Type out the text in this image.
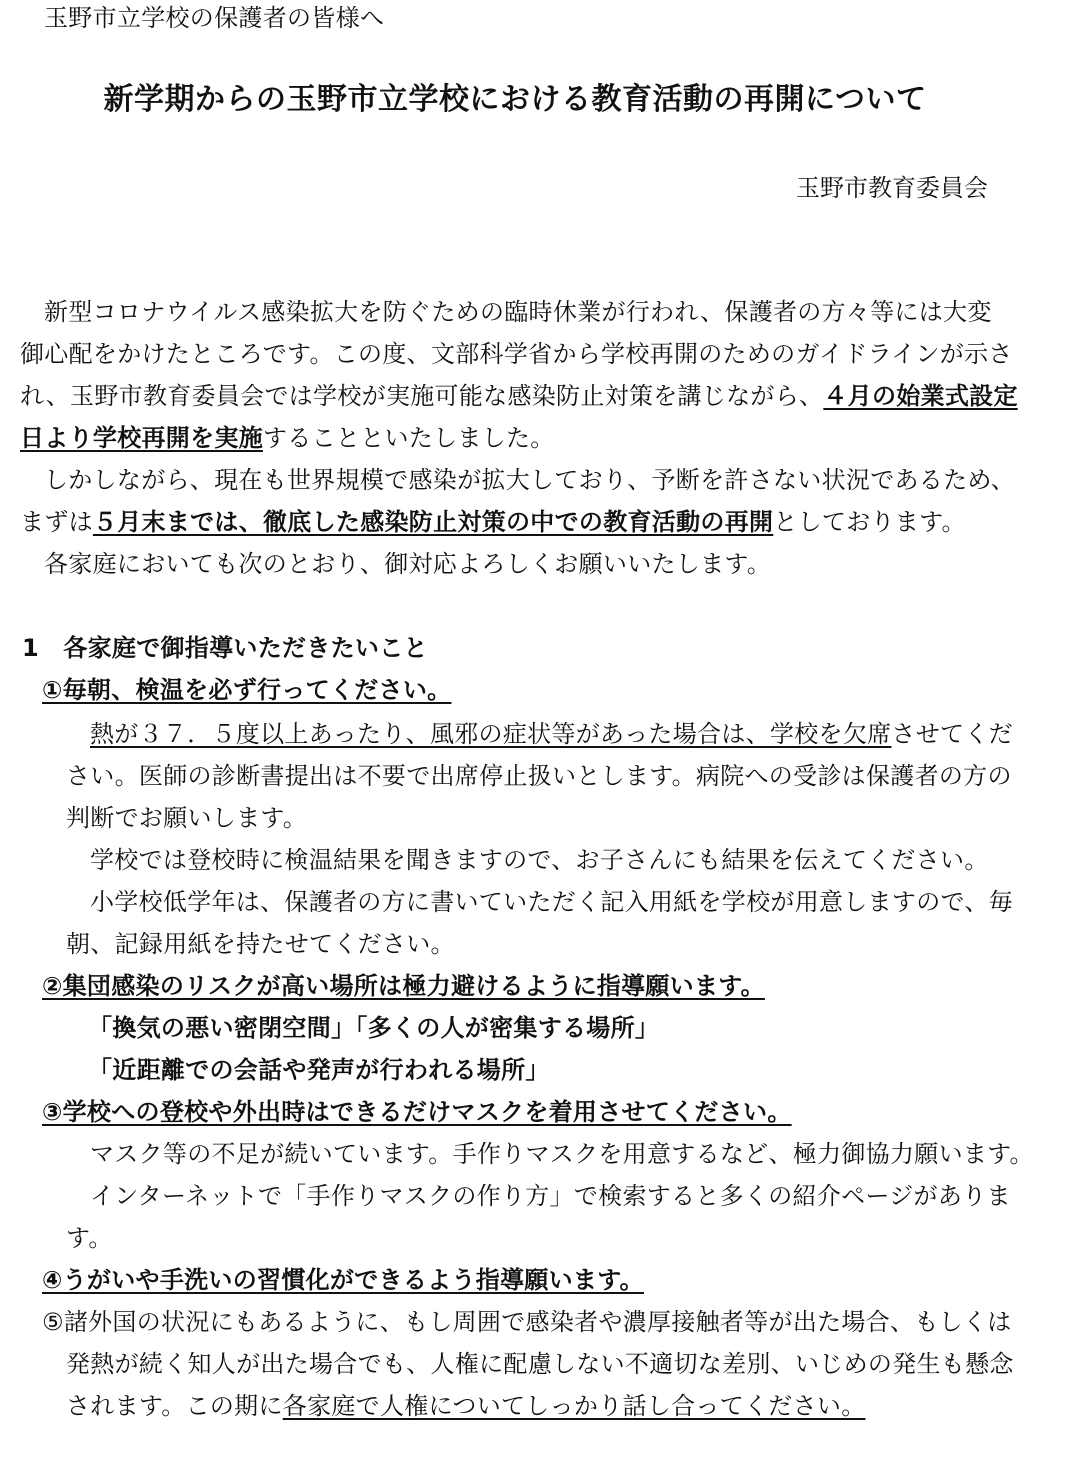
玉野市立学校の保護者の皆様へ
新学期からの玉野市立学校における教育活動の再開について
玉野市教育委員会
新型コロナウイルス感染拡大を防ぐための臨時休業が行われ、保護者の方々等には大変
御心配をかけたところです。この度、文部科学省から学校再開のためのガイドラインが示さ
れ、玉野市教育委員会では学校が実施可能な感染防止対策を講じながら、４月の始業式設定
日より学校再開を実施することといたしました。
しかしながら、現在も世界規模で感染が拡大しており、予断を許さない状況であるため、
まずは５月末までは、徹底した感染防止対策の中での教育活動の再開としております。
各家庭においても次のとおり、御対応よろしくお願いいたします。
1　各家庭で御指導いただきたいこと
①毎朝、検温を必ず行ってください。
熱が３７．５度以上あったり、風邪の症状等があった場合は、学校を欠席させてくだ
さい。医師の診断書提出は不要で出席停止扱いとします。病院への受診は保護者の方の
判断でお願いします。
学校では登校時に検温結果を聞きますので、お子さんにも結果を伝えてください。
小学校低学年は、保護者の方に書いていただく記入用紙を学校が用意しますので、毎
朝、記録用紙を持たせてください。
②集団感染のリスクが高い場所は極力避けるように指導願います。
「換気の悪い密閉空間」「多くの人が密集する場所」
「近距離での会話や発声が行われる場所」
③学校への登校や外出時はできるだけマスクを着用させてください。
マスク等の不足が続いています。手作りマスクを用意するなど、極力御協力願います。
インターネットで「手作りマスクの作り方」で検索すると多くの紹介ページがありま
す。
④うがいや手洗いの習慣化ができるよう指導願います。
⑤諸外国の状況にもあるように、もし周囲で感染者や濃厚接触者等が出た場合、もしくは
発熱が続く知人が出た場合でも、人権に配慮しない不適切な差別、いじめの発生も懸念
されます。この期に各家庭で人権についてしっかり話し合ってください。
